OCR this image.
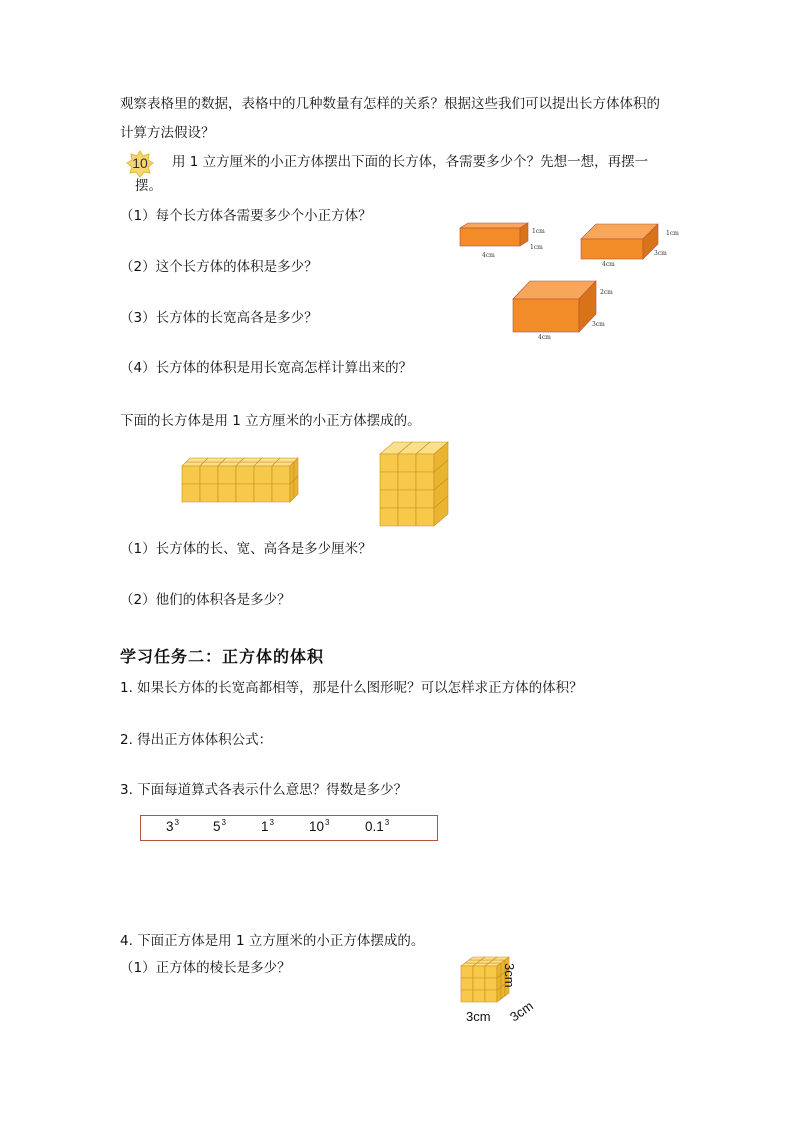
观察表格里的数据，表格中的几种数量有怎样的关系？根据这些我们可以提出长方体体积的
计算方法假设？
10	用 1 立方厘米的小正方体摆出下面的长方体，各需要多少个？先想一想，再摆一
摆。
（1）每个长方体各需要多少个小正方体？
（2）这个长方体的体积是多少？
（3）长方体的长宽高各是多少？
（4）长方体的体积是用长宽高怎样计算出来的？
4cm
1cm
1cm
4cm
1cm
3cm
4cm
2cm
3cm
下面的长方体是用 1 立方厘米的小正方体摆成的。
（1）长方体的长、宽、高各是多少厘米？
（2）他们的体积各是多少？
学习任务二：正方体的体积
1. 如果长方体的长宽高都相等，那是什么图形呢？可以怎样求正方体的体积？
2. 得出正方体体积公式：
3. 下面每道算式各表示什么意思？得数是多少？
$3^3$	$5^3$	$1^3$	$10^3$	$0.1^3$
4. 下面正方体是用 1 立方厘米的小正方体摆成的。
（1）正方体的棱长是多少？
3cm 3cm
3cm
